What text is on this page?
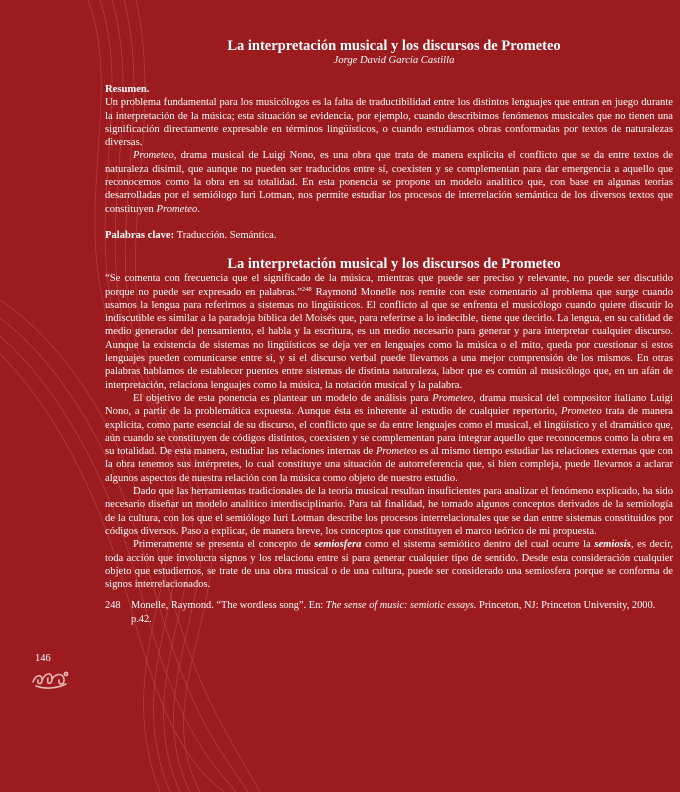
La interpretación musical y los discursos de Prometeo
Jorge David García Castilla
Resumen.

Un problema fundamental para los musicólogos es la falta de traductibilidad entre los distintos lenguajes que entran en juego durante la interpretación de la música; esta situación se evidencia, por ejemplo, cuando describimos fenómenos musicales que no tienen una significación directamente expresable en términos lingüísticos, o cuando estudiamos obras conformadas por textos de naturalezas diversas.

Prometeo, drama musical de Luigi Nono, es una obra que trata de manera explícita el conflicto que se da entre textos de naturaleza disímil, que aunque no pueden ser traducidos entre sí, coexisten y se complementan para dar emergencia a aquello que reconocemos como la obra en su totalidad. En esta ponencia se propone un modelo analítico que, con base en algunas teorías desarrolladas por el semiólogo Iuri Lotman, nos permite estudiar los procesos de interrelación semántica de los diversos textos que constituyen Prometeo.

Palabras clave: Traducción. Semántica.

La interpretación musical y los discursos de Prometeo

“Se comenta con frecuencia que el significado de la música, mientras que puede ser preciso y relevante, no puede ser discutido porque no puede ser expresado en palabras.”$^{248}$ Raymond Monelle nos remite con este comentario al problema que surge cuando usamos la lengua para referirnos a sistemas no lingüísticos. El conflicto al que se enfrenta el musicólogo cuando quiere discutir lo indiscutible es similar a la paradoja bíblica del Moisés que, para referirse a lo indecible, tiene que decirlo. La lengua, en su calidad de medio generador del pensamiento, el habla y la escritura, es un medio necesario para generar y para interpretar cualquier discurso. Aunque la existencia de sistemas no lingüísticos se deja ver en lenguajes como la música o el mito, queda por cuestionar si estos lenguajes pueden comunicarse entre sí, y si el discurso verbal puede llevarnos a una mejor comprensión de los mismos. En otras palabras hablamos de establecer puentes entre sistemas de distinta naturaleza, labor que es común al musicólogo que, en un afán de interpretación, relaciona lenguajes como la música, la notación musical y la palabra.

El objetivo de esta ponencia es plantear un modelo de análisis para Prometeo, drama musical del compositor italiano Luigi Nono, a partir de la problemática expuesta. Aunque ésta es inherente al estudio de cualquier repertorio, Prometeo trata de manera explícita, como parte esencial de su discurso, el conflicto que se da entre lenguajes como el musical, el lingüístico y el dramático que, aún cuando se constituyen de códigos distintos, coexisten y se complementan para integrar aquello que reconocemos como la obra en su totalidad. De esta manera, estudiar las relaciones internas de Prometeo es al mismo tiempo estudiar las relaciones externas que con la obra tenemos sus intérpretes, lo cual constituye una situación de autorreferencia que, si bien compleja, puede llevarnos a aclarar algunos aspectos de nuestra relación con la música como objeto de nuestro estudio.

Dado que las herramientas tradicionales de la teoría musical resultan insuficientes para analizar el fenómeno explicado, ha sido necesario diseñar un modelo analítico interdisciplinario. Para tal finalidad, he tomado algunos conceptos derivados de la semiología de la cultura, con los que el semiólogo Iuri Lotman describe los procesos interrelacionales que se dan entre sistemas constituidos por códigos diversos. Paso a explicar, de manera breve, los conceptos que constituyen el marco teórico de mi propuesta.

Primeramente se presenta el concepto de semiosfera como el sistema semiótico dentro del cual ocurre la semiosis, es decir, toda acción que involucra signos y los relaciona entre sí para generar cualquier tipo de sentido. Desde esta consideración cualquier objeto que estudiemos, se trate de una obra musical o de una cultura, puede ser considerado una semiosfera porque se conforma de signos interrelacionados.

248	Monelle, Raymond. “The wordless song”. En: The sense of music: semiotic essays. Princeton, NJ: Princeton University, 2000. p.42.
146
